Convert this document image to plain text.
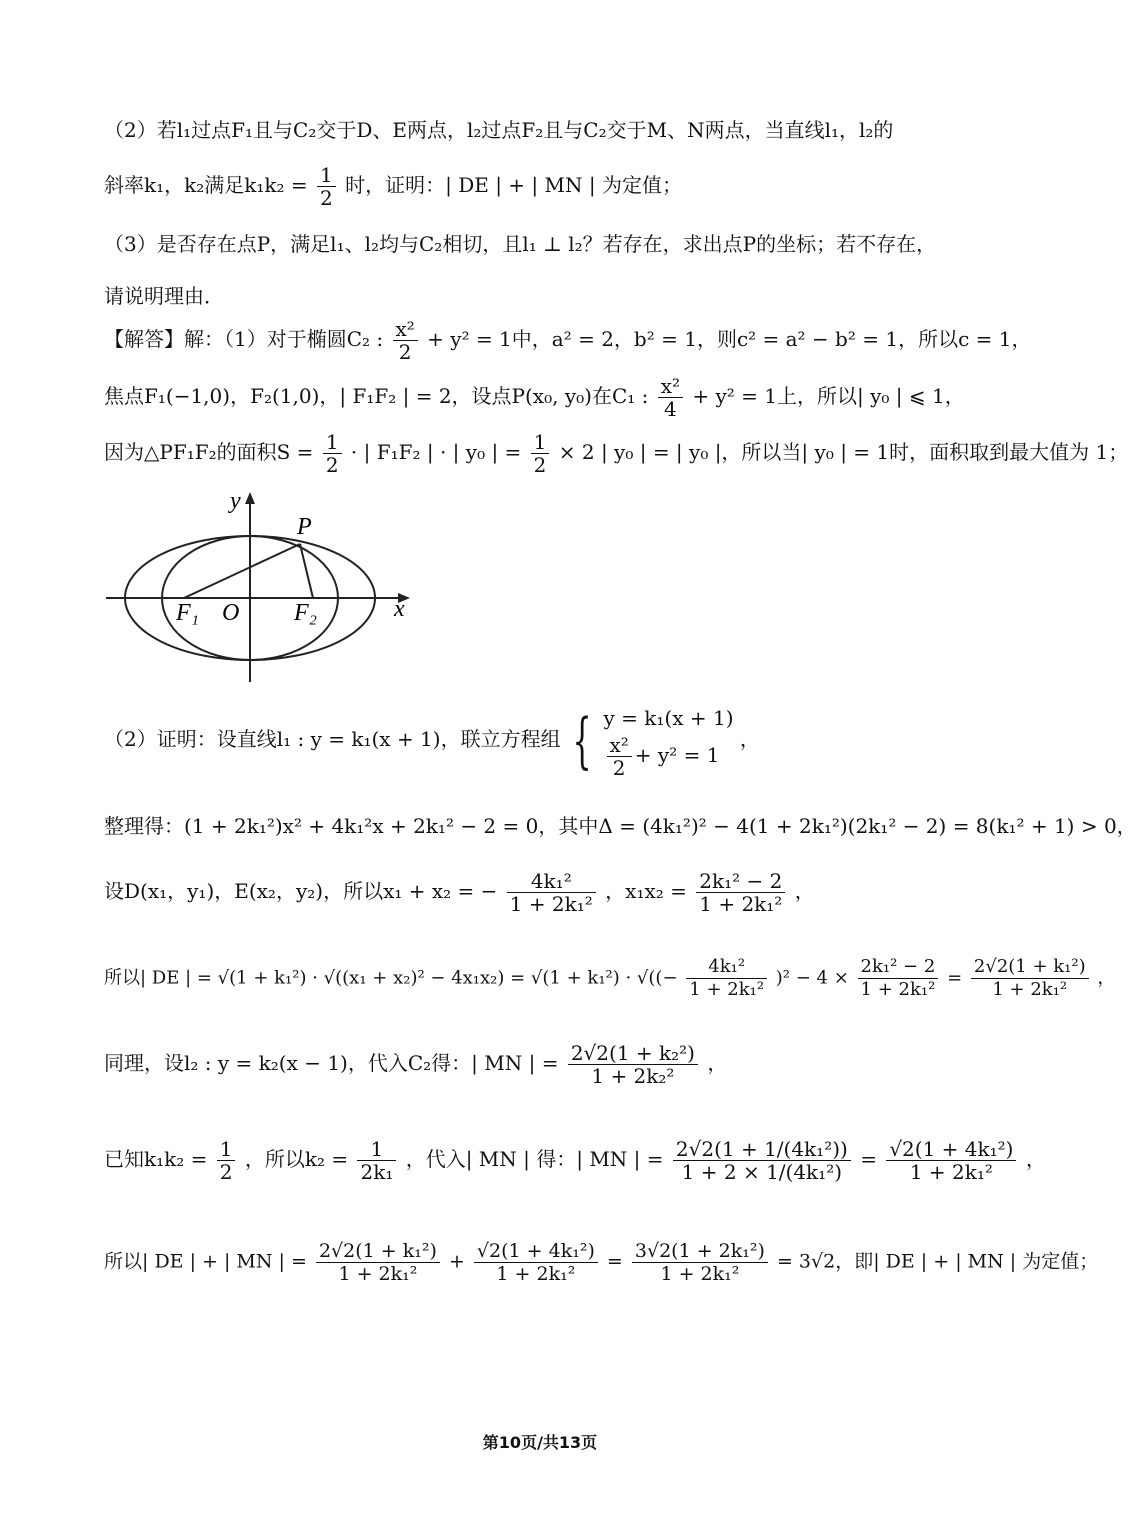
（2）若l₁过点F₁且与C₂交于D、E两点，l₂过点F₂且与C₂交于M、N两点，当直线l₁，l₂的
斜率k₁，k₂满足$k_1k_2 = \frac{1}{2}$ 时，证明：| DE | + | MN | 为定值；
（3）是否存在点P，满足l₁、l₂均与C₂相切，且l₁ ⊥ l₂？若存在，求出点P的坐标；若不存在，
请说明理由．
【解答】解：（1）对于椭圆C₂ : $\frac{\text{x²}}{2} + y^2 = 1$中，a² = 2，b² = 1，则c² = a² − b² = 1，所以c = 1，
焦点F₁(−1,0)，F₂(1,0)，| F₁F₂ | = 2，设点P(x₀, y₀)在C₁ : $\frac{\text{x²}}{4} + y^2 = 1$上，所以| y₀ | ⩽ 1，
因为△PF₁F₂的面积$S = \frac{1}{2}$ · | F₁F₂ | · | y₀ | = $\frac{1}{2} \times 2$ | y₀ | = | y₀ |，所以当| y₀ | = 1时，面积取到最大值为 1；
y
x
P
F₁ O F₂
（2）证明：设直线l₁ : y = k₁(x + 1)，联立方程组 { y = k₁(x + 1)
$\frac{\text{x²}}{2} + y^2 = 1$
，
整理得：(1 + 2k₁²)x² + 4k₁²x + 2k₁² − 2 = 0，其中Δ = (4k₁²)² − 4(1 + 2k₁²)(2k₁² − 2) = 8(k₁² + 1) > 0，
设D(x₁，y₁)，E(x₂，y₂)，所以x₁ + x₂ = − $\frac{\text{4k₁²}}{\text{1 + 2k₁²}}$ ，$x_1x_2 = \frac{\text{2k₁² − 2}}{\text{1 + 2k₁²}}$ ，
所以| DE | = √(1 + k₁²) · √((x₁ + x₂)² − 4x₁x₂) = √(1 + k₁²) · √((− $\frac{\text{4k₁²}}{\text{1 + 2k₁²}} )^2 - 4 \times \frac{\text{2k₁² − 2}}{\text{1 + 2k₁²}} = \frac{\text{2√2(1 + k₁²)}}{\text{1 + 2k₁²}}$ ，
同理，设l₂ : y = k₂(x − 1)，代入C₂得：| MN | = $\frac{\text{2√2(1 + k₂²)}}{\text{1 + 2k₂²}}$ ，
已知$k_1k_2 = \frac{1}{2}$ ，所以$k_2 = \frac{1}{\text{2k₁}}$ ，代入| MN | 得：| MN | = $\frac{\text{2√2(1 + 1/(4k₁²))}}{\text{1 + 2 × 1/(4k₁²)}} = \frac{\text{√2(1 + 4k₁²)}}{\text{1 + 2k₁²}}$ ，
所以| DE | + | MN | = $\frac{\text{2√2(1 + k₁²)}}{\text{1 + 2k₁²}} + \frac{\text{√2(1 + 4k₁²)}}{\text{1 + 2k₁²}} = \frac{\text{3√2(1 + 2k₁²)}}{\text{1 + 2k₁²}} = 3√2$，即| DE | + | MN | 为定值；
第10页/共13页
